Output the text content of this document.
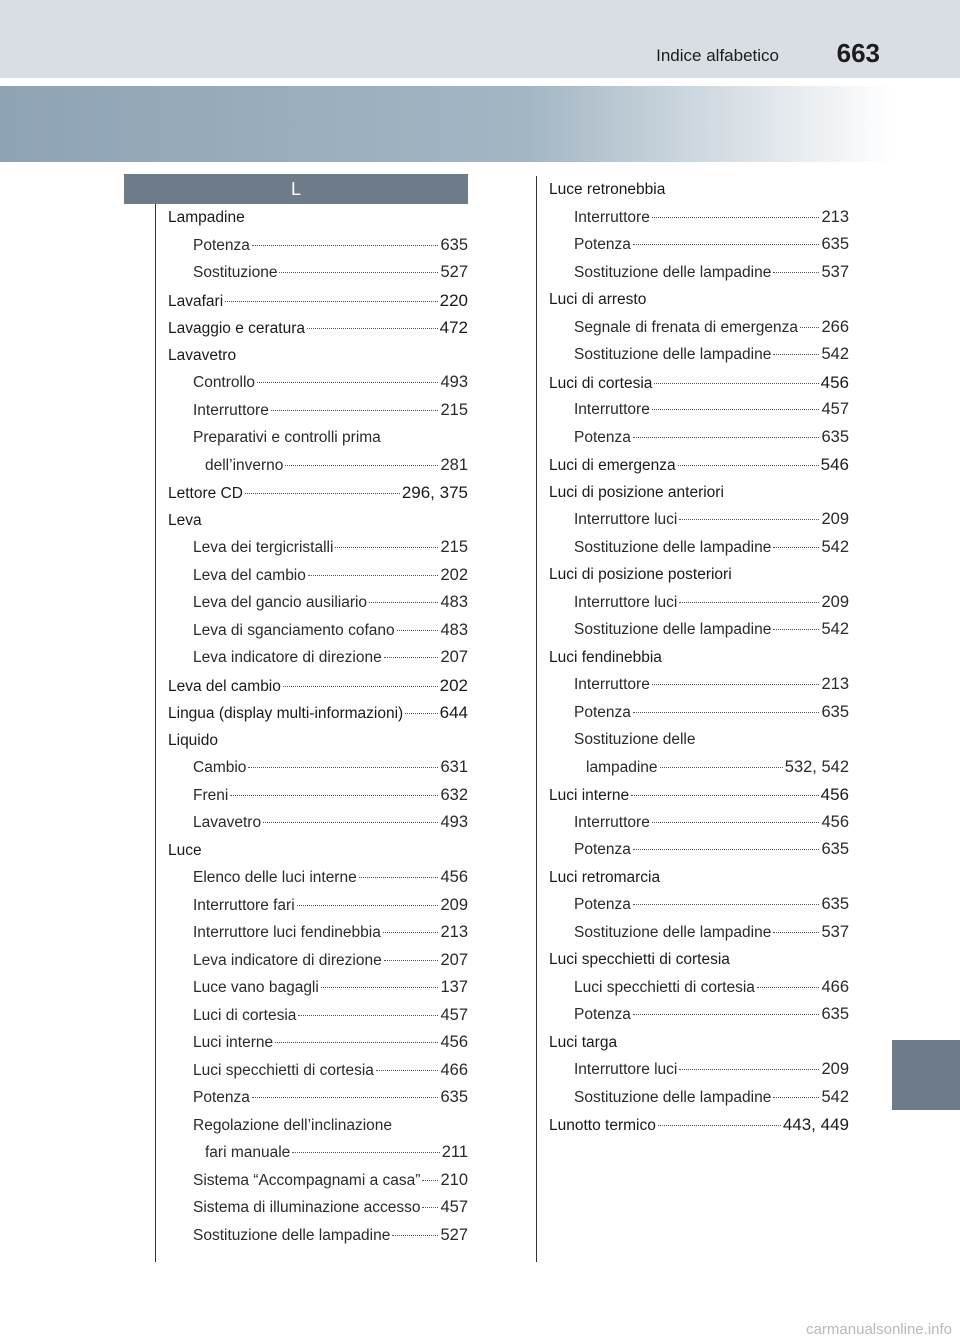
Indice alfabetico 663
L
Lampadine
Potenza	635
Sostituzione	527
Lavafari	220
Lavaggio e ceratura	472
Lavavetro
Controllo	493
Interruttore	215
Preparativi e controlli prima
dell’inverno	281
Lettore CD	296, 375
Leva
Leva dei tergicristalli	215
Leva del cambio	202
Leva del gancio ausiliario	483
Leva di sganciamento cofano	483
Leva indicatore di direzione	207
Leva del cambio	202
Lingua (display multi-informazioni) 644
Liquido
Cambio	631
Freni	632
Lavavetro	493
Luce
Elenco delle luci interne	456
Interruttore fari	209
Interruttore luci fendinebbia	213
Leva indicatore di direzione	207
Luce vano bagagli	137
Luci di cortesia	457
Luci interne	456
Luci specchietti di cortesia	466
Potenza	635
Regolazione dell’inclinazione
fari manuale	211
Sistema “Accompagnami a casa” 210
Sistema di illuminazione accesso 457
Sostituzione delle lampadine	527
Luce retronebbia
Interruttore	213
Potenza	635
Sostituzione delle lampadine	537
Luci di arresto
Segnale di frenata di emergenza 266
Sostituzione delle lampadine	542
Luci di cortesia	456
Interruttore	457
Potenza	635
Luci di emergenza	546
Luci di posizione anteriori
Interruttore luci	209
Sostituzione delle lampadine	542
Luci di posizione posteriori
Interruttore luci	209
Sostituzione delle lampadine	542
Luci fendinebbia
Interruttore	213
Potenza	635
Sostituzione delle
lampadine	532, 542
Luci interne	456
Interruttore	456
Potenza	635
Luci retromarcia
Potenza	635
Sostituzione delle lampadine	537
Luci specchietti di cortesia
Luci specchietti di cortesia	466
Potenza	635
Luci targa
Interruttore luci	209
Sostituzione delle lampadine	542
Lunotto termico	443, 449
carmanualsonline.info
